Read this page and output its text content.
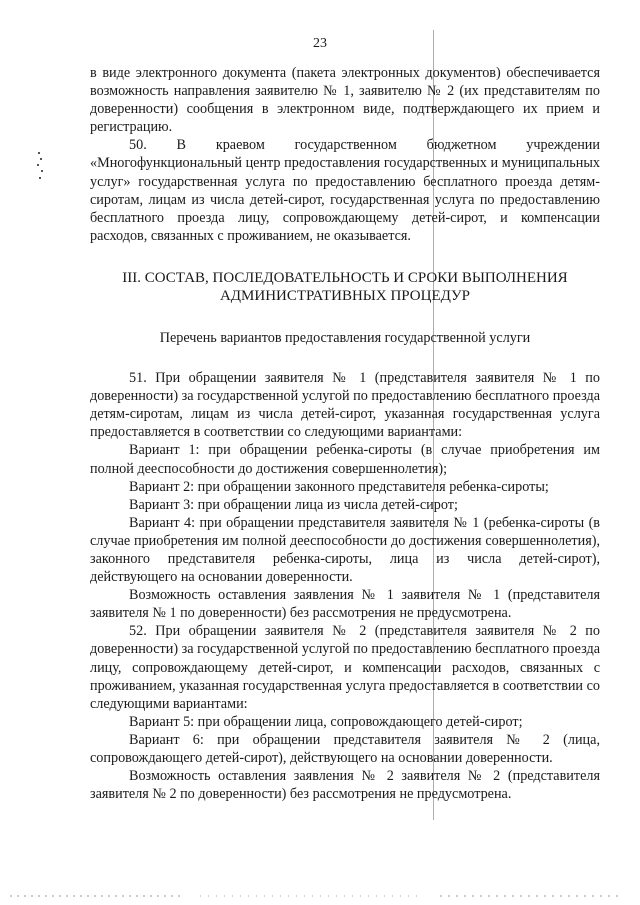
23

в виде электронного документа (пакета электронных документов) обеспечивается возможность направления заявителю № 1, заявителю № 2 (их представителям по доверенности) сообщения в электронном виде, подтверждающего их прием и регистрацию.

50. В краевом государственном бюджетном учреждении «Многофункциональный центр предоставления государственных и муниципальных услуг» государственная услуга по предоставлению бесплатного проезда детям-сиротам, лицам из числа детей-сирот, государственная услуга по предоставлению бесплатного проезда лицу, сопровождающему детей-сирот, и компенсации расходов, связанных с проживанием, не оказывается.

III. СОСТАВ, ПОСЛЕДОВАТЕЛЬНОСТЬ И СРОКИ ВЫПОЛНЕНИЯ
АДМИНИСТРАТИВНЫХ ПРОЦЕДУР
Перечень вариантов предоставления государственной услуги

51. При обращении заявителя № 1 (представителя заявителя № 1 по доверенности) за государственной услугой по предоставлению бесплатного проезда детям-сиротам, лицам из числа детей-сирот, указанная государственная услуга предоставляется в соответствии со следующими вариантами:

Вариант 1: при обращении ребенка-сироты (в случае приобретения им полной дееспособности до достижения совершеннолетия);

Вариант 2: при обращении законного представителя ребенка-сироты;

Вариант 3: при обращении лица из числа детей-сирот;

Вариант 4: при обращении представителя заявителя № 1 (ребенка-сироты (в случае приобретения им полной дееспособности до достижения совершеннолетия), законного представителя ребенка-сироты, лица из числа детей-сирот), действующего на основании доверенности.

Возможность оставления заявления № 1 заявителя № 1 (представителя заявителя № 1 по доверенности) без рассмотрения не предусмотрена.

52. При обращении заявителя № 2 (представителя заявителя № 2 по доверенности) за государственной услугой по предоставлению бесплатного проезда лицу, сопровождающему детей-сирот, и компенсации расходов, связанных с проживанием, указанная государственная услуга предоставляется в соответствии со следующими вариантами:

Вариант 5: при обращении лица, сопровождающего детей-сирот;

Вариант 6: при обращении представителя заявителя № 2 (лица, сопровождающего детей-сирот), действующего на основании доверенности.

Возможность оставления заявления № 2 заявителя № 2 (представителя заявителя № 2 по доверенности) без рассмотрения не предусмотрена.
